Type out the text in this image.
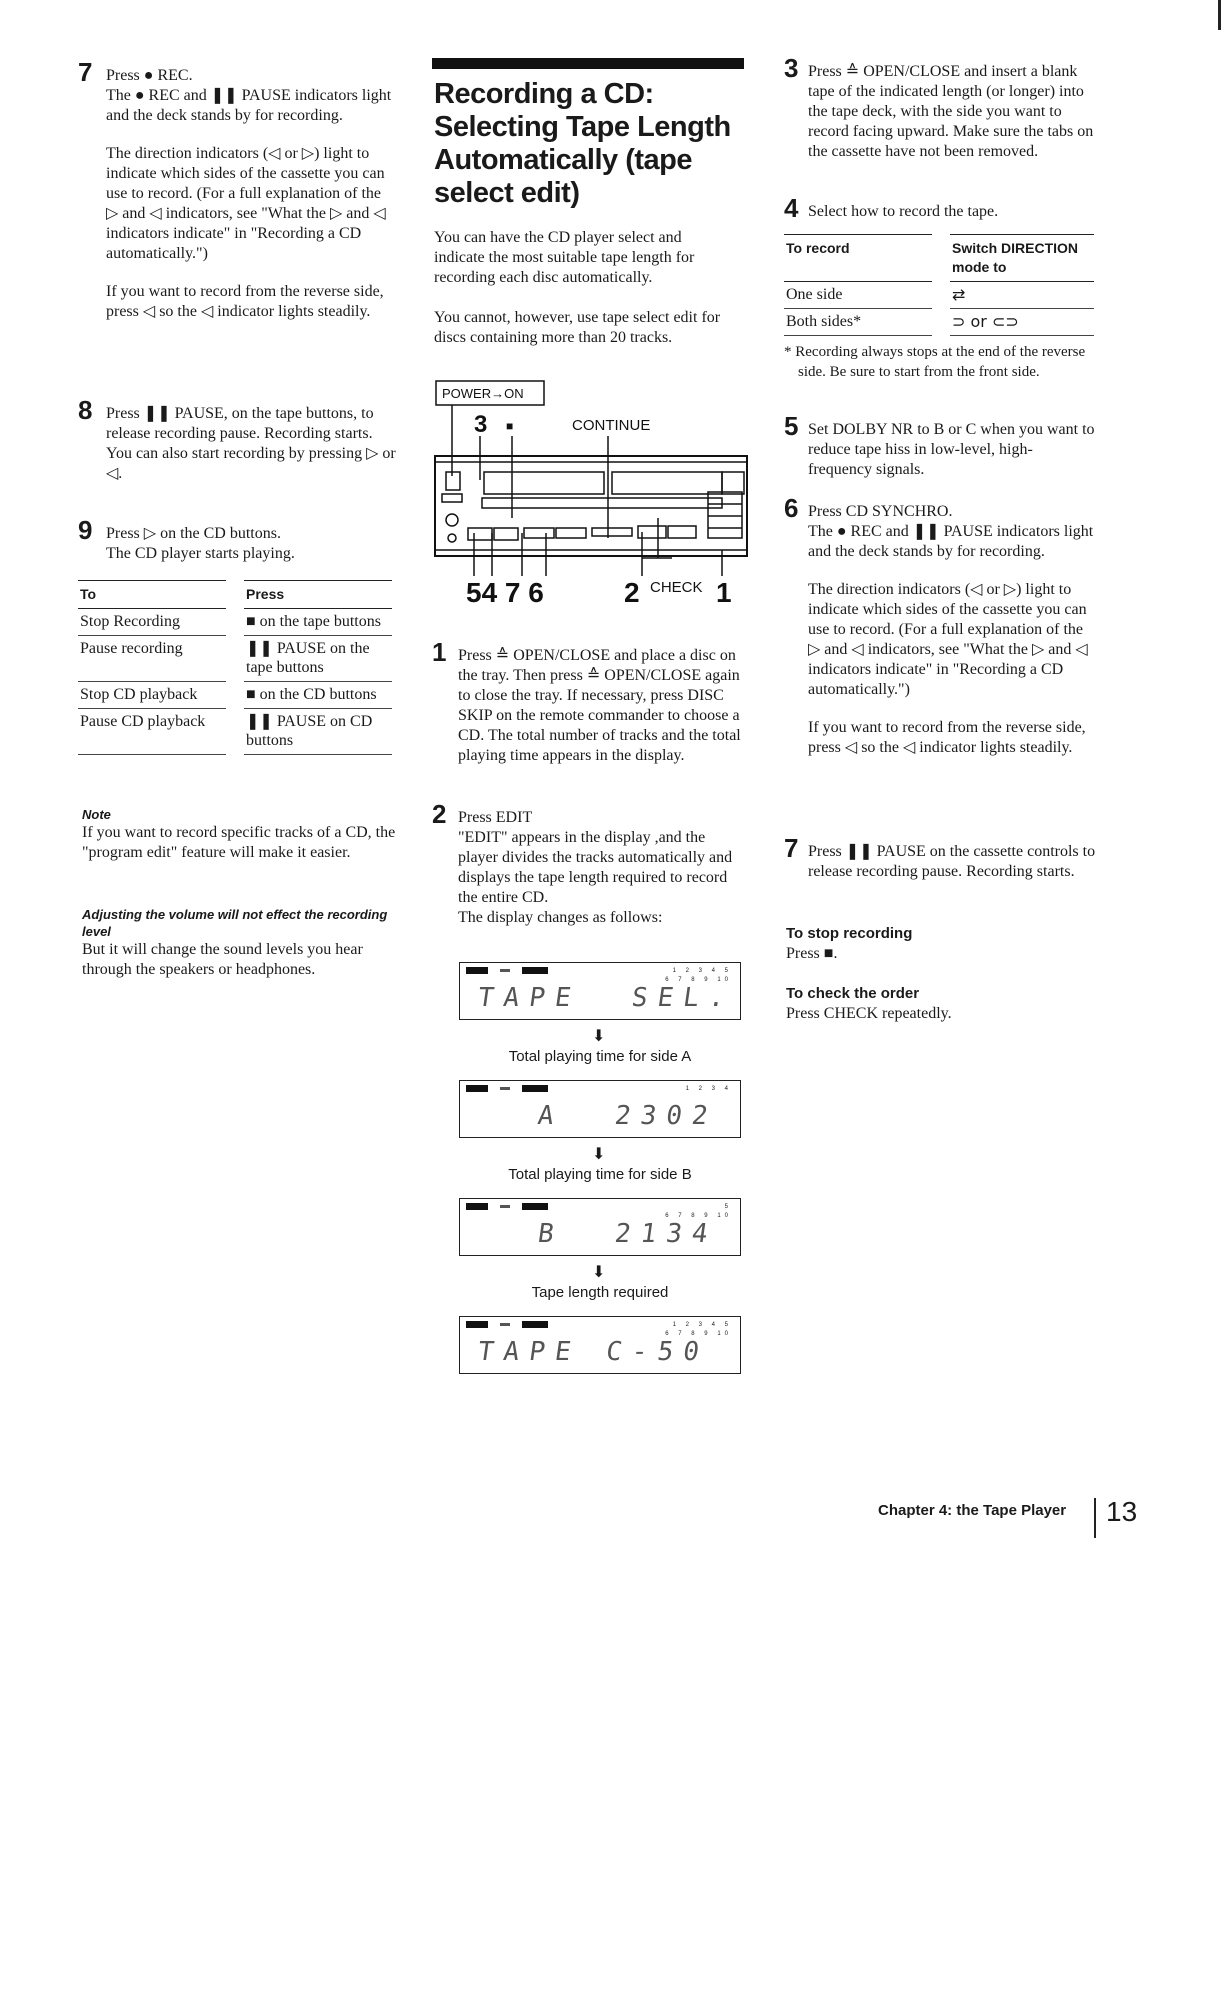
7 Press ● REC.
The ● REC and ❚❚ PAUSE indicators light and the deck stands by for recording.
The direction indicators (◁ or ▷) light to indicate which sides of the cassette you can use to record. (For a full explanation of the ▷ and ◁ indicators, see "What the ▷ and ◁ indicators indicate" in "Recording a CD automatically.")
If you want to record from the reverse side, press ◁ so the ◁ indicator lights steadily.
8 Press ❚❚ PAUSE, on the tape buttons, to release recording pause. Recording starts.
You can also start recording by pressing ▷ or ◁.
9 Press ▷ on the CD buttons.
The CD player starts playing.
To		Press
Stop Recording		■ on the tape buttons
Pause recording		❚❚ PAUSE on the tape buttons
Stop CD playback		■ on the CD buttons
Pause CD playback		❚❚ PAUSE on CD buttons
Note
If you want to record specific tracks of a CD, the "program edit" feature will make it easier.
Adjusting the volume will not effect the recording level
But it will change the sound levels you hear through the speakers or headphones.
Recording a CD: Selecting Tape Length Automatically (tape select edit)
You can have the CD player select and indicate the most suitable tape length for recording each disc automatically.
You cannot, however, use tape select edit for discs containing more than 20 tracks.
POWER→ON
3 ■	CONTINUE
54 7 6	2 CHECK 1
1 Press ≙ OPEN/CLOSE and place a disc on the tray. Then press ≙ OPEN/CLOSE again to close the tray. If necessary, press DISC SKIP on the remote commander to choose a CD. The total number of tracks and the total playing time appears in the display.
2 Press EDIT
"EDIT" appears in the display ,and the player divides the tracks automatically and displays the tape length required to record the entire CD.
The display changes as follows:
TAPE  SEL.
1 2 3 4 5
6 7 8 9 10
⬇
Total playing time for side A
A  2302
1 2 3 4
⬇
Total playing time for side B
B  2134
5
6 7 8 9 10
⬇
Tape length required
TAPE C-50
1 2 3 4 5
6 7 8 9 10
3 Press ≙ OPEN/CLOSE and insert a blank tape of the indicated length (or longer) into the tape deck, with the side you want to record facing upward. Make sure the tabs on the cassette have not been removed.
4 Select how to record the tape.
To record		Switch DIRECTION mode to
One side		⇄
Both sides*		⊃ or ⊂⊃
* Recording always stops at the end of the reverse side. Be sure to start from the front side.
5 Set DOLBY NR to B or C when you want to reduce tape hiss in low-level, high- frequency signals.
6 Press CD SYNCHRO.
The ● REC and ❚❚ PAUSE indicators light and the deck stands by for recording.
The direction indicators (◁ or ▷) light to indicate which sides of the cassette you can use to record. (For a full explanation of the ▷ and ◁ indicators, see "What the ▷ and ◁ indicators indicate" in "Recording a CD automatically.")
If you want to record from the reverse side, press ◁ so the ◁ indicator lights steadily.
7 Press ❚❚ PAUSE on the cassette controls to release recording pause. Recording starts.
To stop recording
Press ■.
To check the order
Press CHECK repeatedly.
Chapter 4: the Tape Player 13
